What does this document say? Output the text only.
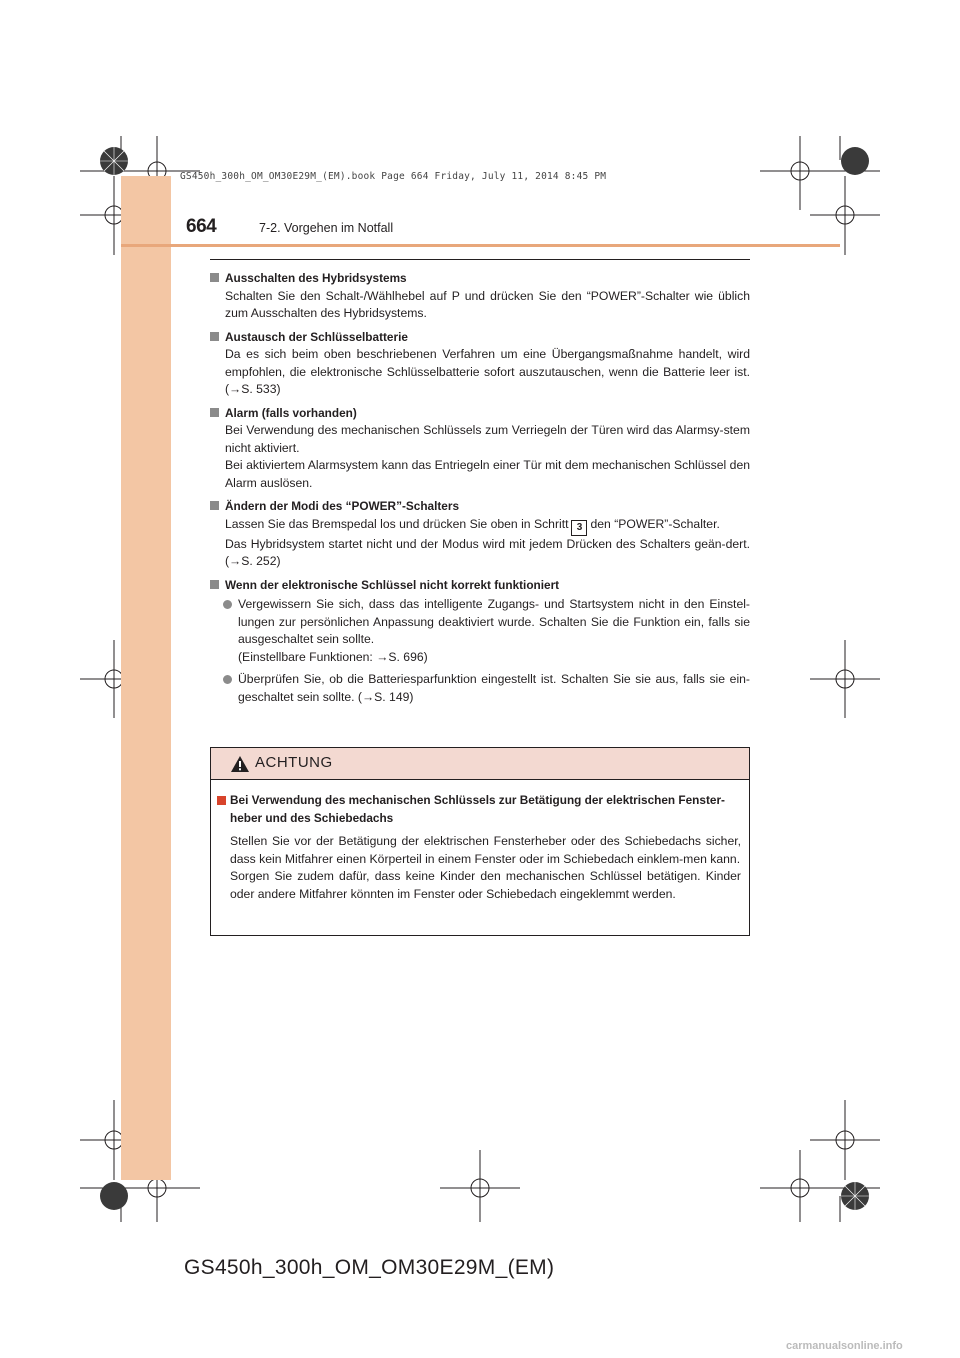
GS450h_300h_OM_OM30E29M_(EM).book Page 664 Friday, July 11, 2014 8:45 PM
664	7-2. Vorgehen im Notfall
Ausschalten des Hybridsystems

Schalten Sie den Schalt-/Wählhebel auf P und drücken Sie den “POWER”-Schalter wie üblich zum Ausschalten des Hybridsystems.

Austausch der Schlüsselbatterie

Da es sich beim oben beschriebenen Verfahren um eine Übergangsmaßnahme handelt, wird empfohlen, die elektronische Schlüsselbatterie sofort auszutauschen, wenn die Batterie leer ist. (→S. 533)

Alarm (falls vorhanden)

Bei Verwendung des mechanischen Schlüssels zum Verriegeln der Türen wird das Alarmsy-stem nicht aktiviert.

Bei aktiviertem Alarmsystem kann das Entriegeln einer Tür mit dem mechanischen Schlüssel den Alarm auslösen.

Ändern der Modi des “POWER”-Schalters

Lassen Sie das Bremspedal los und drücken Sie oben in Schritt 3 den “POWER”-Schalter.

Das Hybridsystem startet nicht und der Modus wird mit jedem Drücken des Schalters geän-dert. (→S. 252)

Wenn der elektronische Schlüssel nicht korrekt funktioniert
Vergewissern Sie sich, dass das intelligente Zugangs- und Startsystem nicht in den Einstel-lungen zur persönlichen Anpassung deaktiviert wurde. Schalten Sie die Funktion ein, falls sie ausgeschaltet sein sollte.
(Einstellbare Funktionen: →S. 696)
Überprüfen Sie, ob die Batteriesparfunktion eingestellt ist. Schalten Sie sie aus, falls sie ein-geschaltet sein sollte. (→S. 149)
ACHTUNG
Bei Verwendung des mechanischen Schlüssels zur Betätigung der elektrischen Fenster-heber und des Schiebedachs

Stellen Sie vor der Betätigung der elektrischen Fensterheber oder des Schiebedachs sicher, dass kein Mitfahrer einen Körperteil in einem Fenster oder im Schiebedach einklem-men kann.

Sorgen Sie zudem dafür, dass keine Kinder den mechanischen Schlüssel betätigen. Kinder oder andere Mitfahrer könnten im Fenster oder Schiebedach eingeklemmt werden.

GS450h_300h_OM_OM30E29M_(EM)
carmanualsonline.info
